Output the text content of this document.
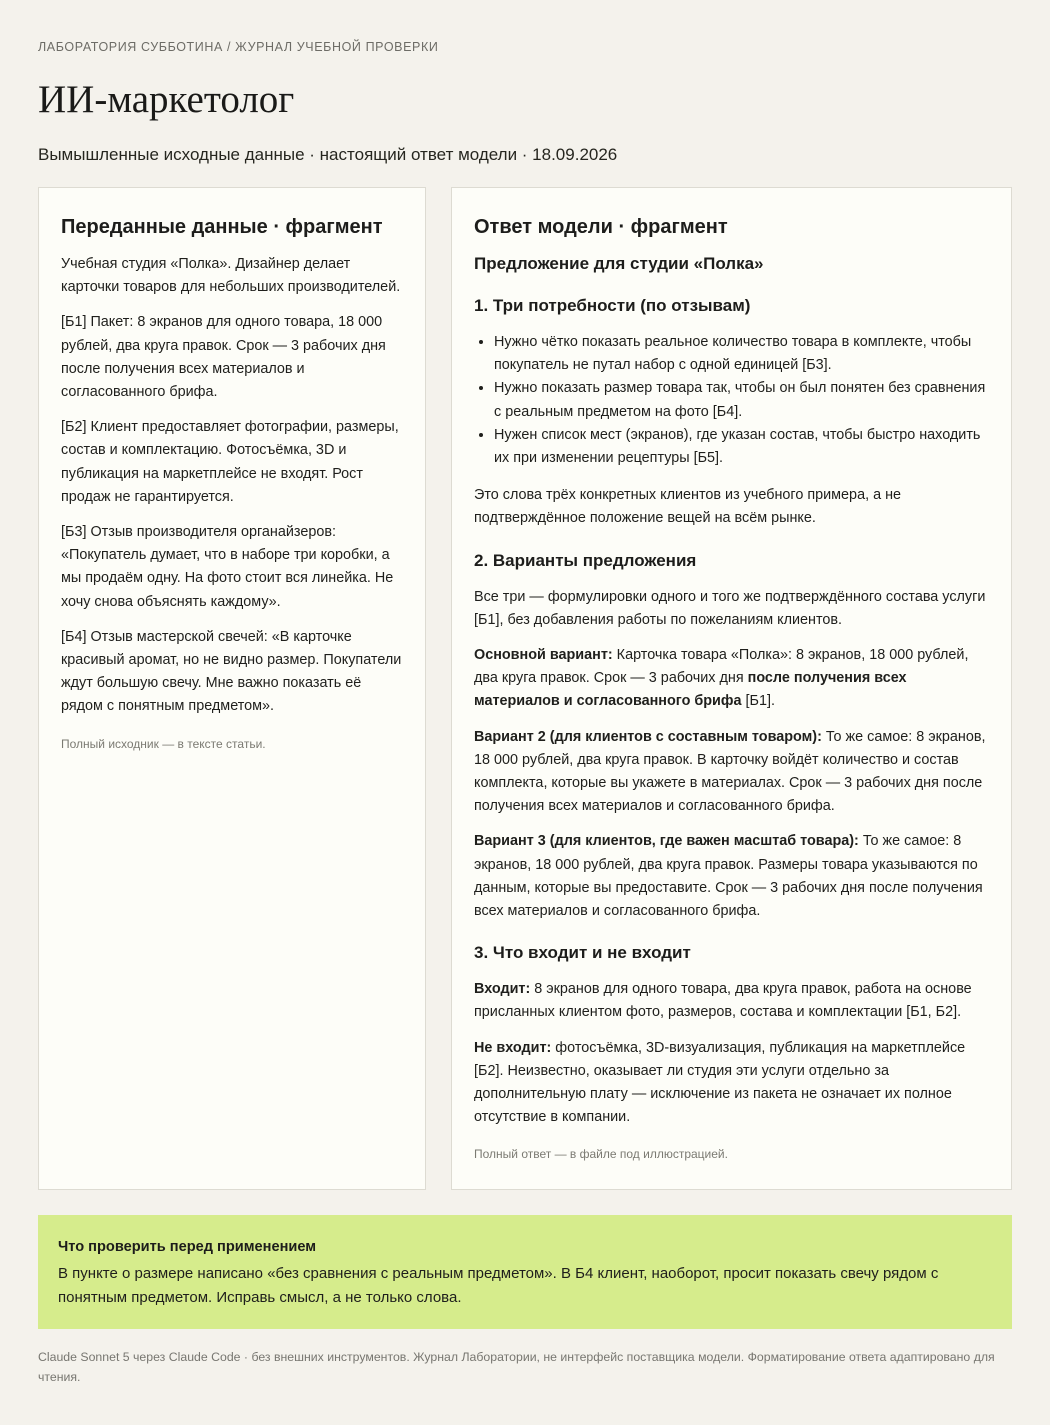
ЛАБОРАТОРИЯ СУББОТИНА / ЖУРНАЛ УЧЕБНОЙ ПРОВЕРКИ
ИИ-маркетолог

Вымышленные исходные данные · настоящий ответ модели · 18.09.2026

Переданные данные · фрагмент

Учебная студия «Полка». Дизайнер делает карточки товаров для небольших производителей.

[Б1] Пакет: 8 экранов для одного товара, 18 000 рублей, два круга правок. Срок — 3 рабочих дня после получения всех материалов и согласованного брифа.

[Б2] Клиент предоставляет фотографии, размеры, состав и комплектацию. Фотосъёмка, 3D и публикация на маркетплейсе не входят. Рост продаж не гарантируется.

[Б3] Отзыв производителя органайзеров: «Покупатель думает, что в наборе три коробки, а мы продаём одну. На фото стоит вся линейка. Не хочу снова объяснять каждому».

[Б4] Отзыв мастерской свечей: «В карточке красивый аромат, но не видно размер. Покупатели ждут большую свечу. Мне важно показать её рядом с понятным предметом».

Полный исходник — в тексте статьи.

Ответ модели · фрагмент
Предложение для студии «Полка»
1. Три потребности (по отзывам)
• Нужно чётко показать реальное количество товара в комплекте, чтобы покупатель не путал набор с одной единицей [Б3].
• Нужно показать размер товара так, чтобы он был понятен без сравнения с реальным предметом на фото [Б4].
• Нужен список мест (экранов), где указан состав, чтобы быстро находить их при изменении рецептуры [Б5].

Это слова трёх конкретных клиентов из учебного примера, а не подтверждённое положение вещей на всём рынке.

2. Варианты предложения

Все три — формулировки одного и того же подтверждённого состава услуги [Б1], без добавления работы по пожеланиям клиентов.

Основной вариант: Карточка товара «Полка»: 8 экранов, 18 000 рублей, два круга правок. Срок — 3 рабочих дня после получения всех материалов и согласованного брифа [Б1].

Вариант 2 (для клиентов с составным товаром): То же самое: 8 экранов, 18 000 рублей, два круга правок. В карточку войдёт количество и состав комплекта, которые вы укажете в материалах. Срок — 3 рабочих дня после получения всех материалов и согласованного брифа.

Вариант 3 (для клиентов, где важен масштаб товара): То же самое: 8 экранов, 18 000 рублей, два круга правок. Размеры товара указываются по данным, которые вы предоставите. Срок — 3 рабочих дня после получения всех материалов и согласованного брифа.

3. Что входит и не входит

Входит: 8 экранов для одного товара, два круга правок, работа на основе присланных клиентом фото, размеров, состава и комплектации [Б1, Б2].

Не входит: фотосъёмка, 3D-визуализация, публикация на маркетплейсе [Б2]. Неизвестно, оказывает ли студия эти услуги отдельно за дополнительную плату — исключение из пакета не означает их полное отсутствие в компании.

Полный ответ — в файле под иллюстрацией.

Что проверить перед применением
В пункте о размере написано «без сравнения с реальным предметом». В Б4 клиент, наоборот, просит показать свечу рядом с понятным предметом. Исправь смысл, а не только слова.
Claude Sonnet 5 через Claude Code · без внешних инструментов. Журнал Лаборатории, не интерфейс поставщика модели. Форматирование ответа адаптировано для чтения.
